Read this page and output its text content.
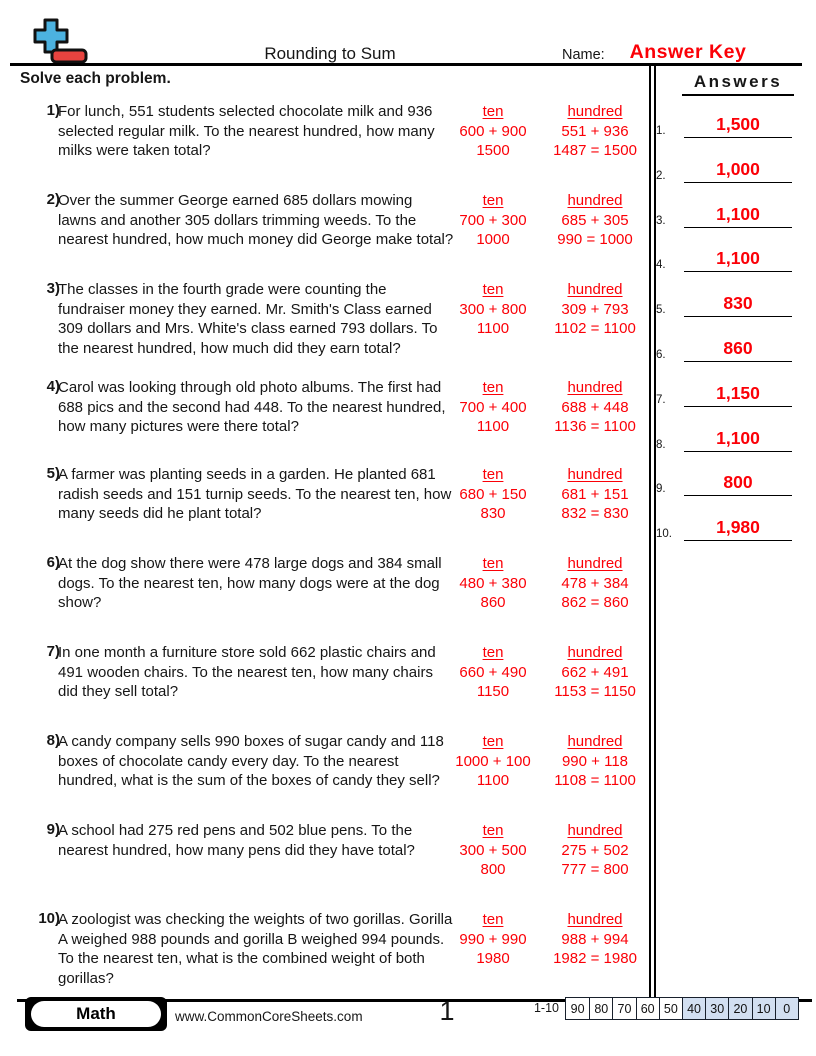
Rounding to Sum	Name:	Answer Key
Solve each problem.	Answers
1.	1,500
2.	1,000
3.	1,100
4.	1,100
5.	830
6.	860
7.	1,150
8.	1,100
9.	800
10.	1,980
1)
For lunch, 551 students selected chocolate milk and 936 selected regular milk. To the nearest hundred, how many milks were taken total?
ten
600 + 900
1500
hundred
551 + 936
1487 = 1500
2)
Over the summer George earned 685 dollars mowing lawns and another 305 dollars trimming weeds. To the nearest hundred, how much money did George make total?
ten
700 + 300
1000
hundred
685 + 305
990 = 1000
3)
The classes in the fourth grade were counting the fundraiser money they earned. Mr. Smith's Class earned 309 dollars and Mrs. White's class earned 793 dollars. To the nearest hundred, how much did they earn total?
ten
300 + 800
1100
hundred
309 + 793
1102 = 1100
4)
Carol was looking through old photo albums. The first had 688 pics and the second had 448. To the nearest hundred, how many pictures were there total?
ten
700 + 400
1100
hundred
688 + 448
1136 = 1100
5)
A farmer was planting seeds in a garden. He planted 681 radish seeds and 151 turnip seeds. To the nearest ten, how many seeds did he plant total?
ten
680 + 150
830
hundred
681 + 151
832 = 830
6)
At the dog show there were 478 large dogs and 384 small dogs. To the nearest ten, how many dogs were at the dog show?
ten
480 + 380
860
hundred
478 + 384
862 = 860
7)
In one month a furniture store sold 662 plastic chairs and 491 wooden chairs. To the nearest ten, how many chairs did they sell total?
ten
660 + 490
1150
hundred
662 + 491
1153 = 1150
8)
A candy company sells 990 boxes of sugar candy and 118 boxes of chocolate candy every day. To the nearest hundred, what is the sum of the boxes of candy they sell?
ten
1000 + 100
1100
hundred
990 + 118
1108 = 1100
9)
A school had 275 red pens and 502 blue pens. To the nearest hundred, how many pens did they have total?
ten
300 + 500
800
hundred
275 + 502
777 = 800
10)
A zoologist was checking the weights of two gorillas. Gorilla A weighed 988 pounds and gorilla B weighed 994 pounds. To the nearest ten, what is the combined weight of both gorillas?
ten
990 + 990
1980
hundred
988 + 994
1982 = 1980
Math	www.CommonCoreSheets.com	1	1-10 90 80 70 60 50 40 30 20 10	0
